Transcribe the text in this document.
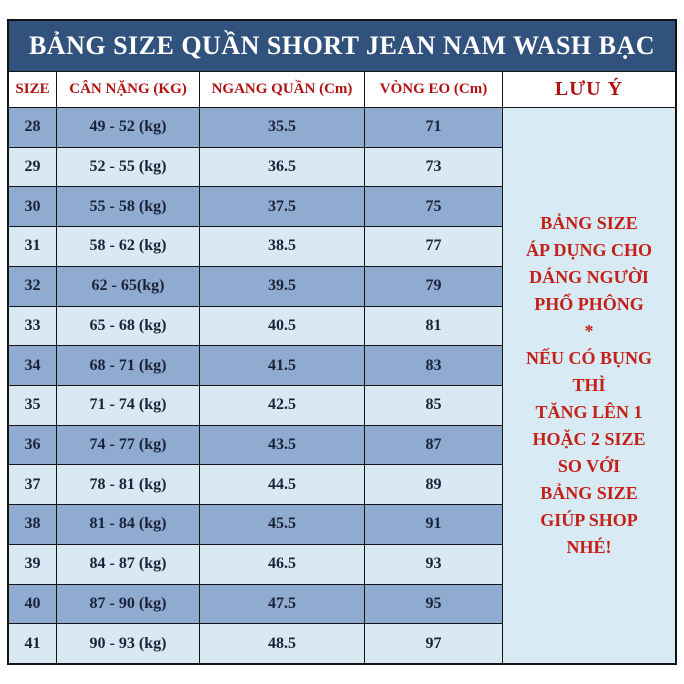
BẢNG SIZE QUẦN SHORT JEAN NAM WASH BẠC
SIZE	CÂN NẶNG (KG)	NGANG QUẦN (Cm)	VÒNG EO (Cm)	LƯU Ý
BẢNG SIZE
ÁP DỤNG CHO
DÁNG NGƯỜI
PHỔ PHÔNG
*
NẾU CÓ BỤNG
THÌ
TĂNG LÊN 1
HOẶC 2 SIZE
SO VỚI
BẢNG SIZE
GIÚP SHOP
NHÉ!
28	49 - 52 (kg)	35.5	71
29	52 - 55 (kg)	36.5	73
30	55 - 58 (kg)	37.5	75
31	58 - 62 (kg)	38.5	77
32	62 - 65(kg)	39.5	79
33	65 - 68 (kg)	40.5	81
34	68 - 71 (kg)	41.5	83
35	71 - 74 (kg)	42.5	85
36	74 - 77 (kg)	43.5	87
37	78 - 81 (kg)	44.5	89
38	81 - 84 (kg)	45.5	91
39	84 - 87 (kg)	46.5	93
40	87 - 90 (kg)	47.5	95
41	90 - 93 (kg)	48.5	97
